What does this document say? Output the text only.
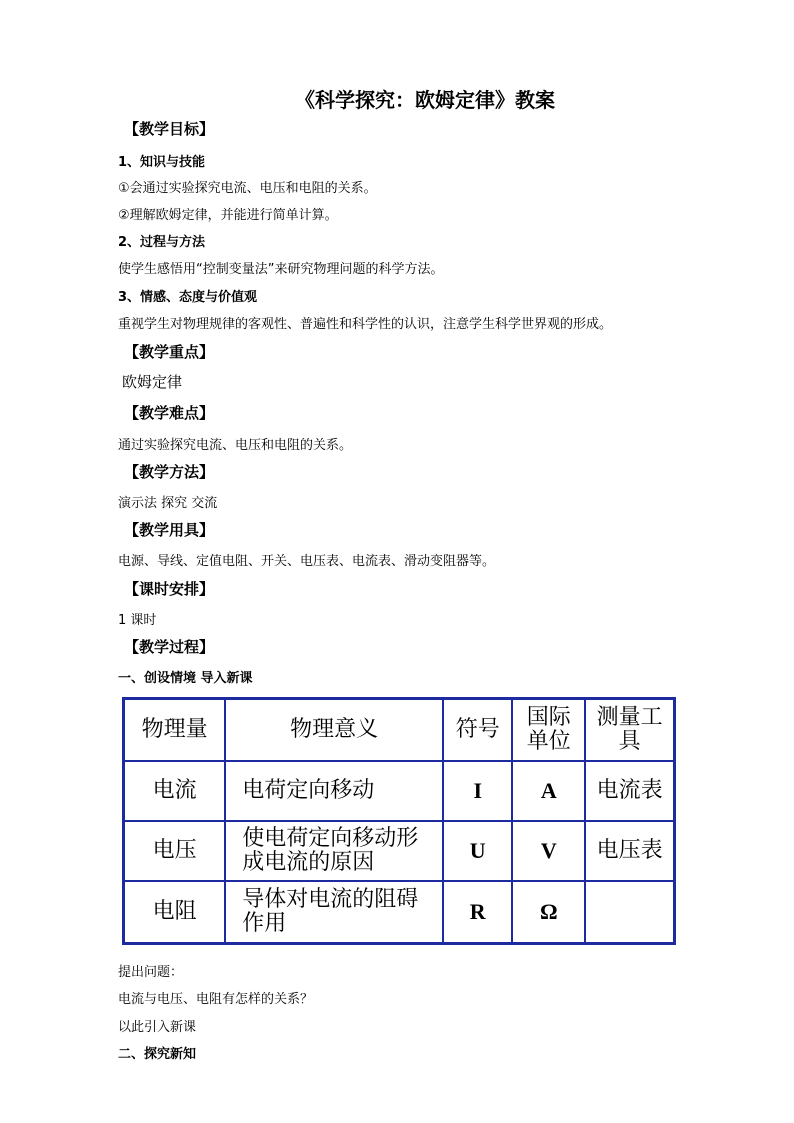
《科学探究：欧姆定律》教案
【教学目标】
1、知识与技能
①会通过实验探究电流、电压和电阻的关系。
②理解欧姆定律，并能进行简单计算。
2、过程与方法
使学生感悟用“控制变量法”来研究物理问题的科学方法。
3、情感、态度与价值观
重视学生对物理规律的客观性、普遍性和科学性的认识，注意学生科学世界观的形成。
【教学重点】
欧姆定律
【教学难点】
通过实验探究电流、电压和电阻的关系。
【教学方法】
演示法 探究 交流
【教学用具】
电源、导线、定值电阻、开关、电压表、电流表、滑动变阻器等。
【课时安排】
1 课时
【教学过程】
一、创设情境 导入新课
物理量	物理意义	符号	国际单位	测量工具
电流	电荷定向移动	I	A	电流表
电压	使电荷定向移动形成电流的原因	U	V	电压表
电阻	导体对电流的阻碍作用	R	Ω	
提出问题：
电流与电压、电阻有怎样的关系？
以此引入新课
二、探究新知
